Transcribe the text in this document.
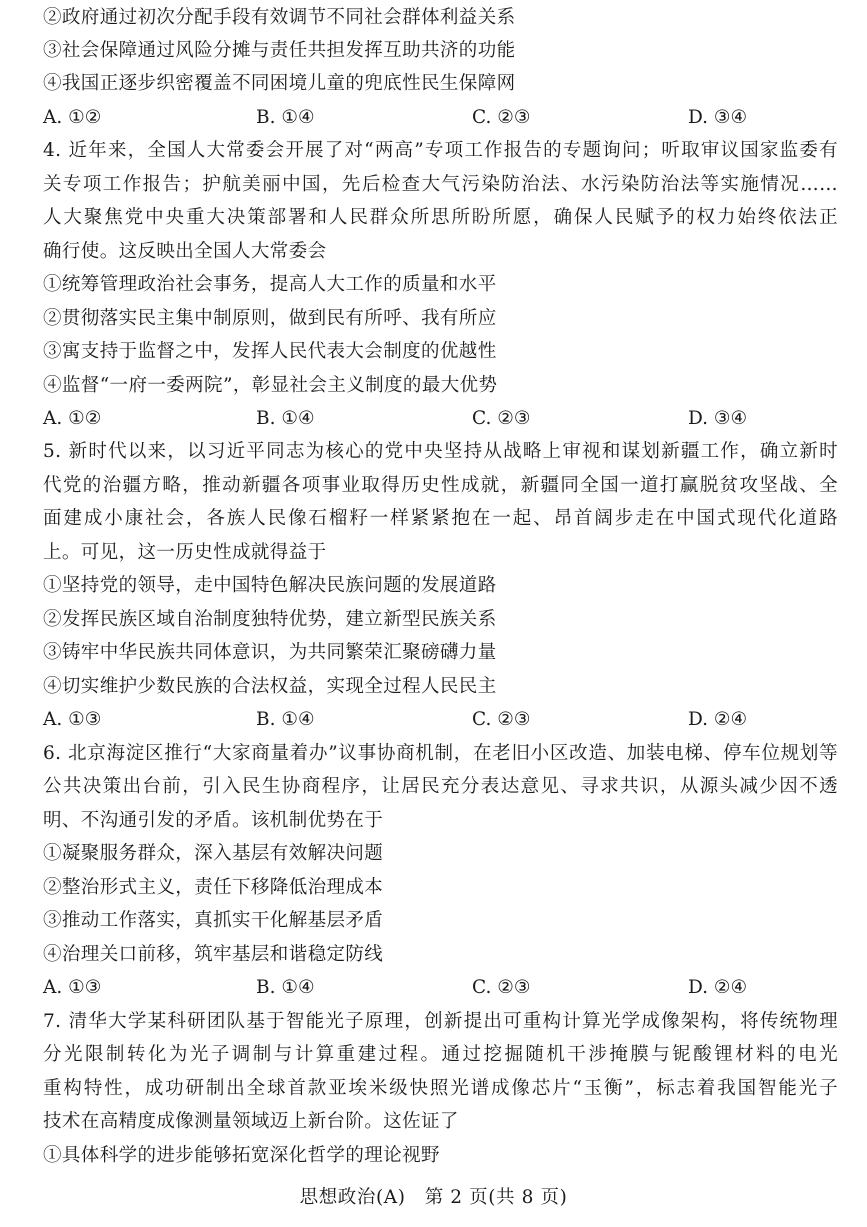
②政府通过初次分配手段有效调节不同社会群体利益关系
③社会保障通过风险分摊与责任共担发挥互助共济的功能
④我国正逐步织密覆盖不同困境儿童的兜底性民生保障网
A. ①②	B. ①④	C. ②③	D. ③④
4. 近年来，全国人大常委会开展了对“两高”专项工作报告的专题询问；听取审议国家监委有
关专项工作报告；护航美丽中国，先后检查大气污染防治法、水污染防治法等实施情况……
人大聚焦党中央重大决策部署和人民群众所思所盼所愿，确保人民赋予的权力始终依法正
确行使。这反映出全国人大常委会
①统筹管理政治社会事务，提高人大工作的质量和水平
②贯彻落实民主集中制原则，做到民有所呼、我有所应
③寓支持于监督之中，发挥人民代表大会制度的优越性
④监督“一府一委两院”，彰显社会主义制度的最大优势
A. ①②	B. ①④	C. ②③	D. ③④
5. 新时代以来，以习近平同志为核心的党中央坚持从战略上审视和谋划新疆工作，确立新时
代党的治疆方略，推动新疆各项事业取得历史性成就，新疆同全国一道打赢脱贫攻坚战、全
面建成小康社会，各族人民像石榴籽一样紧紧抱在一起、昂首阔步走在中国式现代化道路
上。可见，这一历史性成就得益于
①坚持党的领导，走中国特色解决民族问题的发展道路
②发挥民族区域自治制度独特优势，建立新型民族关系
③铸牢中华民族共同体意识，为共同繁荣汇聚磅礴力量
④切实维护少数民族的合法权益，实现全过程人民民主
A. ①③	B. ①④	C. ②③	D. ②④
6. 北京海淀区推行“大家商量着办”议事协商机制，在老旧小区改造、加装电梯、停车位规划等
公共决策出台前，引入民生协商程序，让居民充分表达意见、寻求共识，从源头减少因不透
明、不沟通引发的矛盾。该机制优势在于
①凝聚服务群众，深入基层有效解决问题
②整治形式主义，责任下移降低治理成本
③推动工作落实，真抓实干化解基层矛盾
④治理关口前移，筑牢基层和谐稳定防线
A. ①③	B. ①④	C. ②③	D. ②④
7. 清华大学某科研团队基于智能光子原理，创新提出可重构计算光学成像架构，将传统物理
分光限制转化为光子调制与计算重建过程。通过挖掘随机干涉掩膜与铌酸锂材料的电光
重构特性，成功研制出全球首款亚埃米级快照光谱成像芯片“玉衡”，标志着我国智能光子
技术在高精度成像测量领域迈上新台阶。这佐证了
①具体科学的进步能够拓宽深化哲学的理论视野
思想政治(A)　第 2 页(共 8 页)
